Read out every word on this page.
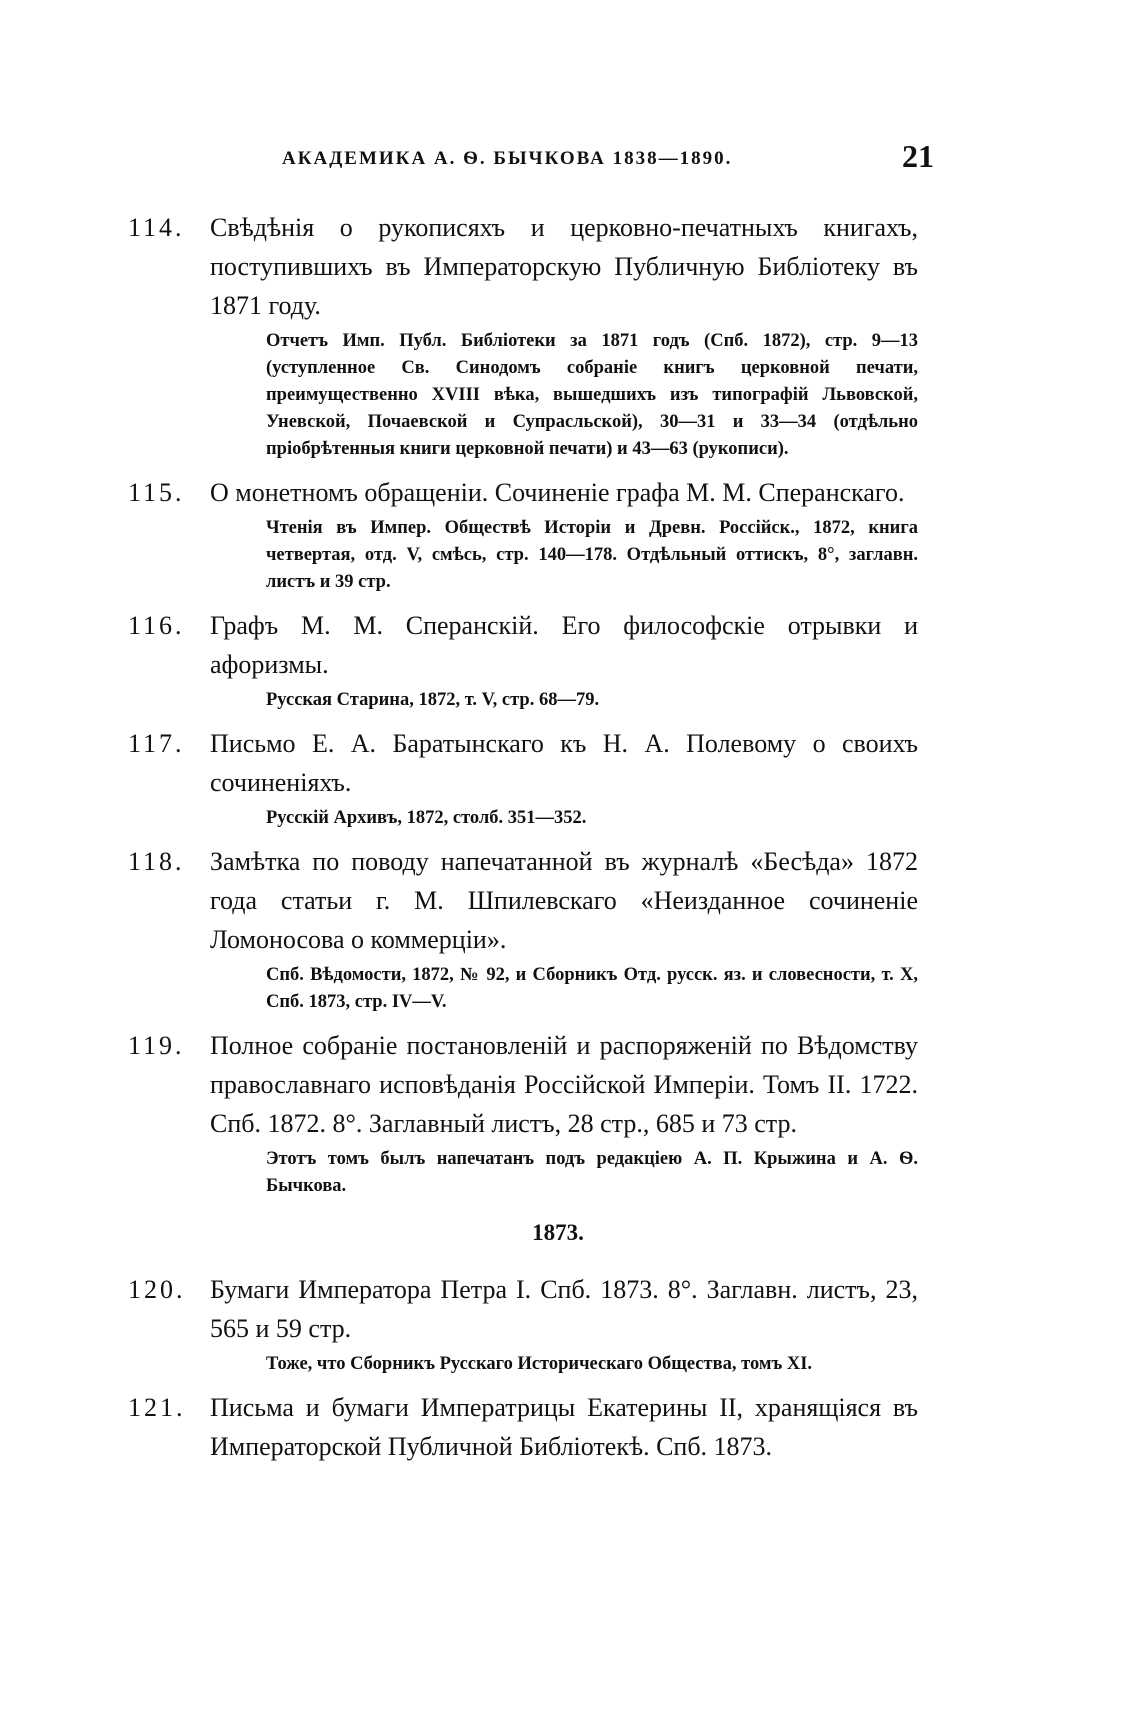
АКАДЕМИКА А. Ѳ. БЫЧКОВА 1838—1890.	21
114. Свѣдѣнія о рукописяхъ и церковно-печатныхъ книгахъ, поступившихъ въ Императорскую Публичную Библіотеку въ 1871 году.
Отчетъ Имп. Публ. Библіотеки за 1871 годъ (Спб. 1872), стр. 9—13 (уступленное Св. Синодомъ собраніе книгъ церковной печати, преимущественно XVIII вѣка, вышедшихъ изъ типографій Львовской, Уневской, Почаевской и Супрасльской), 30—31 и 33—34 (отдѣльно пріобрѣтенныя книги церковной печати) и 43—63 (рукописи).
115. О монетномъ обращеніи. Сочиненіе графа М. М. Сперанскаго.
Чтенія въ Импер. Обществѣ Исторіи и Древн. Россійск., 1872, книга четвертая, отд. V, смѣсь, стр. 140—178. Отдѣльный оттискъ, 8°, заглавн. листъ и 39 стр.
116. Графъ М. М. Сперанскій. Его философскіе отрывки и афоризмы.
Русская Старина, 1872, т. V, стр. 68—79.
117. Письмо Е. А. Баратынскаго къ Н. А. Полевому о своихъ сочиненіяхъ.
Русскій Архивъ, 1872, столб. 351—352.
118. Замѣтка по поводу напечатанной въ журналѣ «Бесѣда» 1872 года статьи г. М. Шпилевскаго «Неизданное сочиненіе Ломоносова о коммерціи».
Спб. Вѣдомости, 1872, № 92, и Сборникъ Отд. русск. яз. и словесности, т. X, Спб. 1873, стр. IV—V.
119. Полное собраніе постановленій и распоряженій по Вѣдомству православнаго исповѣданія Россійской Имперіи. Томъ II. 1722. Спб. 1872. 8°. Заглавный листъ, 28 стр., 685 и 73 стр.
Этотъ томъ былъ напечатанъ подъ редакціею А. П. Крыжина и А. Ѳ. Бычкова.
1873.
120. Бумаги Императора Петра I. Спб. 1873. 8°. Заглавн. листъ, 23, 565 и 59 стр.
Тоже, что Сборникъ Русскаго Историческаго Общества, томъ XI.
121. Письма и бумаги Императрицы Екатерины II, хранящіяся въ Императорской Публичной Библіотекѣ. Спб. 1873.
